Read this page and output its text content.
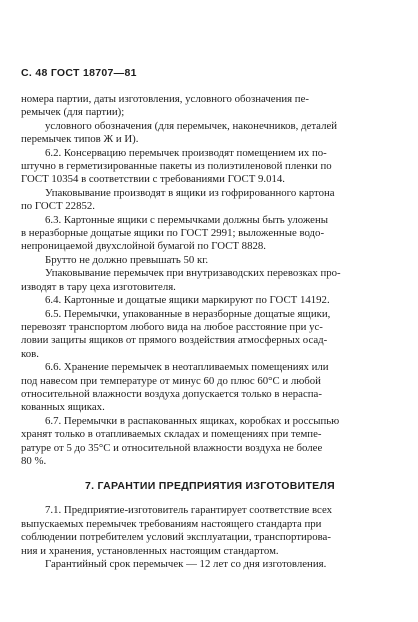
С. 48 ГОСТ 18707—81
номера партии, даты изготовления, условного обозначения пе-
ремычек (для партии);
условного обозначения (для перемычек, наконечников, деталей
перемычек типов Ж и И).
6.2. Консервацию перемычек производят помещением их по-
штучно в герметизированные пакеты из полиэтиленовой пленки по
ГОСТ 10354 в соответствии с требованиями ГОСТ 9.014.
Упаковывание производят в ящики из гофрированного картона
по ГОСТ 22852.
6.3. Картонные ящики с перемычками должны быть уложены
в неразборные дощатые ящики по ГОСТ 2991; выложенные водо-
непроницаемой двухслойной бумагой по ГОСТ 8828.
Брутто не должно превышать 50 кг.
Упаковывание перемычек при внутризаводских перевозках про-
изводят в тару цеха изготовителя.
6.4. Картонные и дощатые ящики маркируют по ГОСТ 14192.
6.5. Перемычки, упакованные в неразборные дощатые ящики,
перевозят транспортом любого вида на любое расстояние при ус-
ловии защиты ящиков от прямого воздействия атмосферных осад-
ков.
6.6. Хранение перемычек в неотапливаемых помещениях или
под навесом при температуре от минус 60 до плюс 60°С и любой
относительной влажности воздуха допускается только в нераспа-
кованных ящиках.
6.7. Перемычки в распакованных ящиках, коробках и россыпью
хранят только в отапливаемых складах и помещениях при темпе-
ратуре от 5 до 35°С и относительной влажности воздуха не более
80 %.
7. ГАРАНТИИ ПРЕДПРИЯТИЯ ИЗГОТОВИТЕЛЯ
7.1. Предприятие-изготовитель гарантирует соответствие всех
выпускаемых перемычек требованиям настоящего стандарта при
соблюдении потребителем условий эксплуатации, транспортирова-
ния и хранения, установленных настоящим стандартом.
Гарантийный срок перемычек — 12 лет со дня изготовления.
